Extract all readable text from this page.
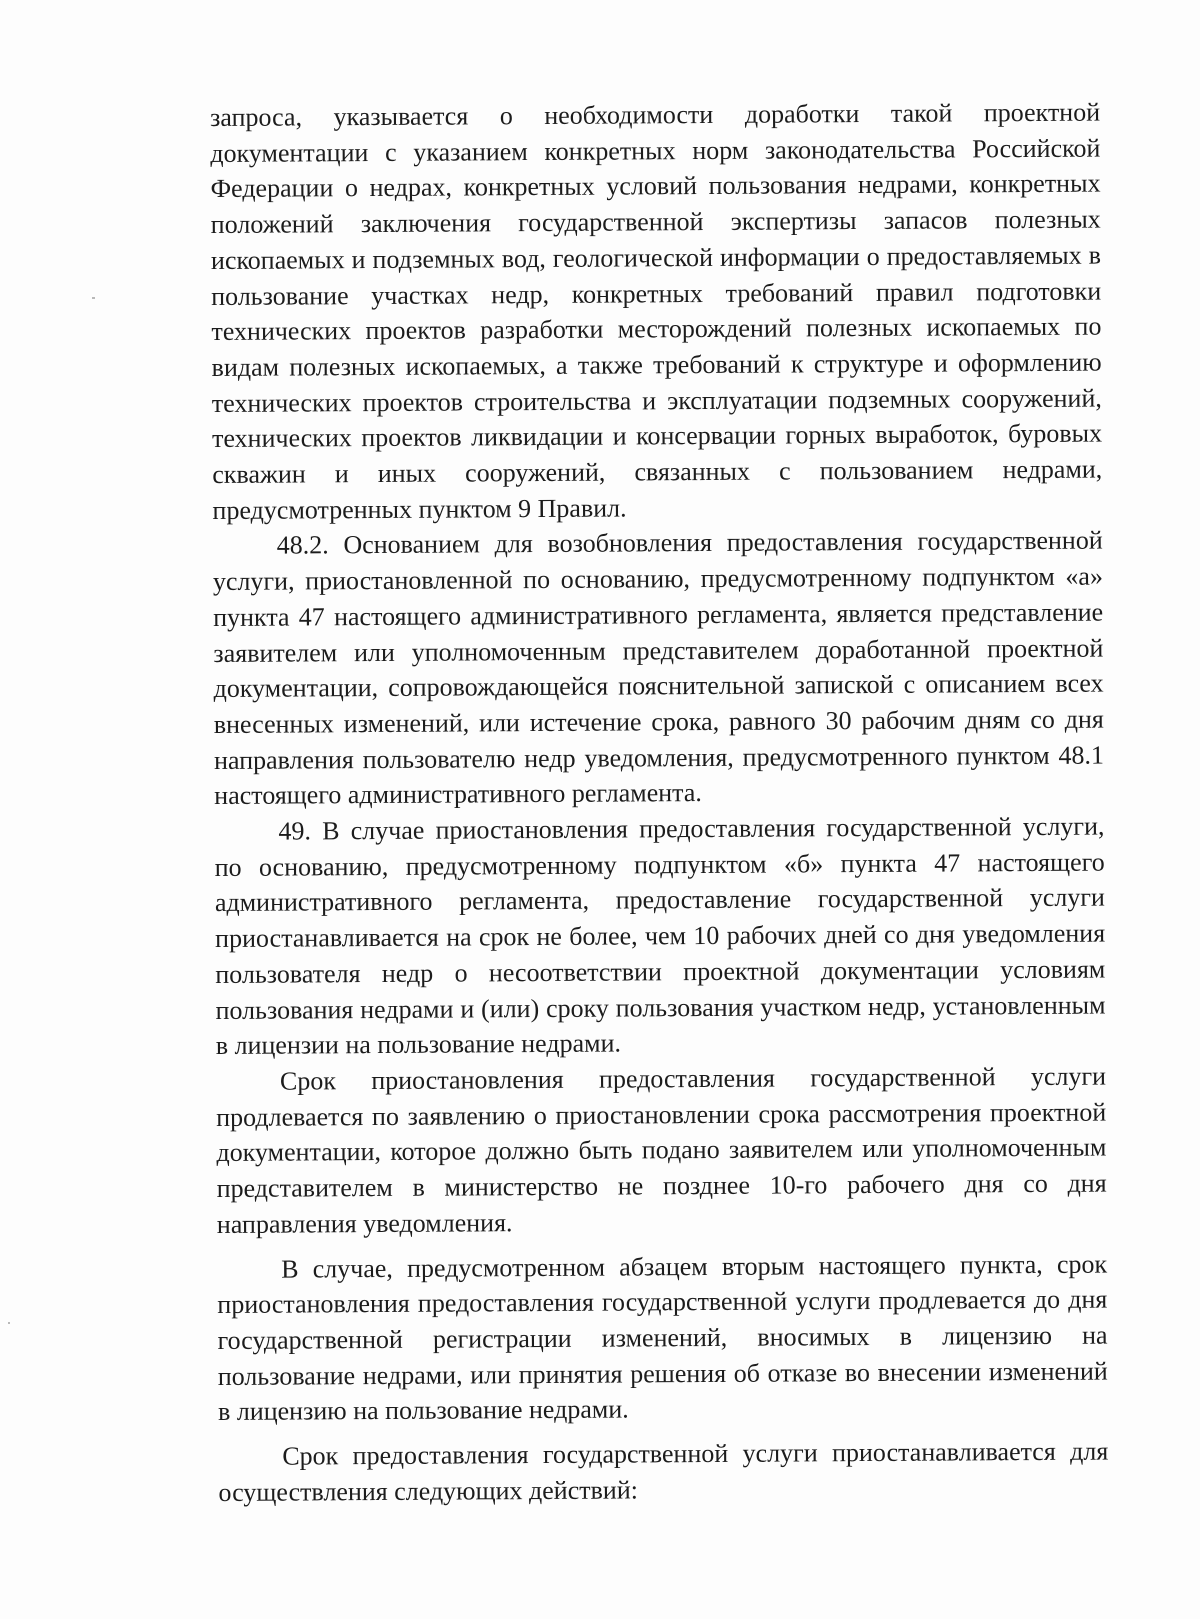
запроса, указывается о необходимости доработки такой проектной документации с указанием конкретных норм законодательства Российской Федерации о недрах, конкретных условий пользования недрами, конкретных положений заключения государственной экспертизы запасов полезных ископаемых и подземных вод, геологической информации о предоставляемых в пользование участках недр, конкретных требований правил подготовки технических проектов разработки месторождений полезных ископаемых по видам полезных ископаемых, а также требований к структуре и оформлению технических проектов строительства и эксплуатации подземных сооружений, технических проектов ликвидации и консервации горных выработок, буровых скважин и иных сооружений, связанных с пользованием недрами, предусмотренных пунктом 9 Правил.

48.2. Основанием для возобновления предоставления государственной услуги, приостановленной по основанию, предусмотренному подпунктом «а» пункта 47 настоящего административного регламента, является представление заявителем или уполномоченным представителем доработанной проектной документации, сопровождающейся пояснительной запиской с описанием всех внесенных изменений, или истечение срока, равного 30 рабочим дням со дня направления пользователю недр уведомления, предусмотренного пунктом 48.1 настоящего административного регламента.

49. В случае приостановления предоставления государственной услуги, по основанию, предусмотренному подпунктом «б» пункта 47 настоящего административного регламента, предоставление государственной услуги приостанавливается на срок не более, чем 10 рабочих дней со дня уведомления пользователя недр о несоответствии проектной документации условиям пользования недрами и (или) сроку пользования участком недр, установленным в лицензии на пользование недрами.

Срок приостановления предоставления государственной услуги продлевается по заявлению о приостановлении срока рассмотрения проектной документации, которое должно быть подано заявителем или уполномоченным представителем в министерство не позднее 10-го рабочего дня со дня направления уведомления.

В случае, предусмотренном абзацем вторым настоящего пункта, срок приостановления предоставления государственной услуги продлевается до дня государственной регистрации изменений, вносимых в лицензию на пользование недрами, или принятия решения об отказе во внесении изменений в лицензию на пользование недрами.

Срок предоставления государственной услуги приостанавливается для осуществления следующих действий:
